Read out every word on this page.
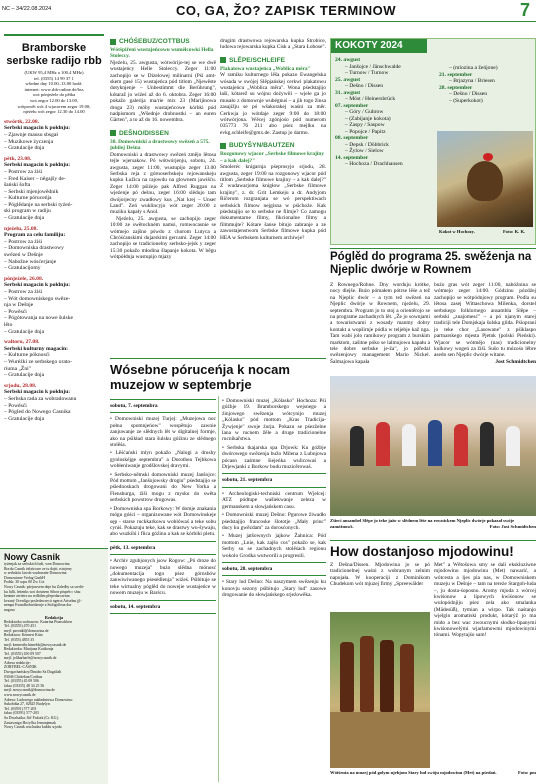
NC – 34/22.08.2024	CO, GA, ŽO? ZAPISK TERMINOW	7
Bramborske
serbske radijo rbb
(UKW 95,4 MHz a 100,4 MHz)
tel. (0355) 14 99 37 1
wšedne dny 10.00–13.00 hodź.
internet: www.rbb-online.de/bss
wot pónjeźele do pětka
wot zegor 12.00 do 13.00,
wótpowět wót 4 wjacorem zegor 19.00;
njeźelu wót zegor 12.30 do 14.00
stwórtk, 22.08.
Serbski magacin k połdnju:
– Zjawnje mausu sbsgał
– Muzikowe życzenja
– Gratulacije dnja
pětk, 23.08.
Serbski magacin k połdnju:
– Postrow za źiśi
– Fred Kaiser – něgajšy de-
šański šofta
– Serbski mjenjowědnik
– Kulturne póruceńja
– Póglědanje na serbski tyźeń-
ski program w radiju
– Gratulacije dnja
njeźelu, 25.08.
Program za celu familiju:
– Postrow za źiśi
– Domowniska drastwowy
swězeń w Dešnje
– Nabožne wósćerjanje
– Gratulacijomy
pónjeźele, 26.08.
Serbski magacin k połdnju:
– Postrow za źiśi
– Wót domowniskego swěze-
nja w Dešnje
– Powěsći
– Pógótowanja na nowe šulske
lěto
– Gratulacije dnja
wałtoru, 27.08.
Serbski kulturny magacin:
– Kulturne póknosći
– Wuréźki ze serbskego orato-
riuma „Žni"
– Gratulacije dnja
srjodu, 28.08.
Serbski magacin k połdnju:
– Serbska rada za wobradowanu
– Powěsći
– Pógled do Nowego Casnika
– Gratulacije dnja
Nowy Casnik
tyźenjak za serbskich ludi, wen Domowinu
Bordu Casnik źelaśrowe ze tu dajń; rsiwjeny
w serbskóu lawoh wudawańe Domowina
Domowinne Verlag GmbH
Podsk: 30 sopu 00 Zw Cot
Nowy Casnik: pśejuwsem dnje hu Zaledby sa sredit-
ku lidli, leitenks wot dostnem Sibon póspeb c sfau
kentnie atvietrs na redltilen přepedarczeran
kvsaný Ocenligo posledzwsecii ngerot Ariselnu jjl-
nempa Ewmdbobwitkenje a Stoligolleaa dor
nugoso
Redakcija
Redaktorka wobrazow: Katarína Piunschken
Tel. (03555) 470 451
mejl: pseonkl@domowina.de
Redaktoru: Kennert Kitta
Tel. (0355) 4855 35
mejl: kennertbr.himelds@nowycasnik.de
Redaktorka: Marijana Kottkonja
Tel. (03555) 450 09 507
mejl: jolikarbarle@nowycasnik.de
Adresa redakcije:
ZORYBEL-CASNIK
Dwogachańskoy/Dmabo Sa Dugaliali
03046 Chóśebuz/Cottbus
Tel. (03355) 45 09 506
fakso (03355) 48 34 25 56
mejl: nowycasnik@domowina.de
www.nowycasnik.de
Adresa: Ludowego nakładnistwa Domowina:
Sukobdúa 27, 02625 Budyšyn
Tel. (03591) 577-203
fakso (03591) 577-203
Sa Dwalsatka: Jitř Fuloxk (Cr. KG),
Zastawniga Hoćyčka Jemanjemak
Nowy Casnik wuchadza kuždu srjodu
CHÓŚEBUZ/COTTBUS
Wótšpiřeni wustajeńcowu wumělcowki Hella Stoleccy.
Njeźelu, 25. awgusta, wótwórijo-tej se we dwě wustajeńcy Helle Stoleccy. Zeger 11:00 zachopijo se w Dizelowej milinarni (Pśi amt-skem gasé 15) wustajeńca pód titlom „Njewěste dotyknjenje – Unbestimmt die Berührung", kótaraž jo wiźeś až do 6. oktobra. Zeger 16:00 pokažo galerija ma/rie mix 23 (Marijinowa droga 23) móby wustajeńcowe kórbki pód nadpismom „Wšednje drobnostki – an euren Gärten", a to až do 16. nowembra.
DEŠNO/DISSEN
30. Domowniski a drastwowy swězeń a 575. jubilej Dešna
Domowniski a drastwowy swězeń změjo lětosa tejle wjersakow. Pó wótwórjenju, sobotu, 24. awgusta, zeger 11:00, wustupijo zeger 13.00 Serbska reja z górnoserbskeju rejowanskeju kupku Łužica na rajowdu na glownem jawišću. Zeger 14:00 pśiźejo pak Alfred Ruggan na wjeźenje pó dešnu, zeger 16:00 slědujo tam dwójorjecny zwadłowy kus „Nat krej – Unser Land". Zeń wuklincyjo wót zeger 20:00 z muziku kapały s Anol.
Njeźelu, 25. awgusta, se zachopijo zeger 10:00 ze swětockném namsi, romwocasnie se wótmejo zajšno pśwdo z chorom Lutyca a Chróśćanskimi dujarskimi gercami. Zeger 14:00 zachopijo se tradicionelny serbsko-jejsk y zeger 15:30 pokažo młodina šlapanje kokota. W běgu wótpółdnja wustupijo mjazy
drugim drastwowa rejowarska kupka Strobice, ludowa rejowarska kupka Cisk a „Stara Łobose".
SLĚPE/SCHLEIFE
Plakatowa wustajeńca „Woblica měra"
W ramiku kulturnego lěša pokazo Ewangelska wósada w swójej Slěpjańskej cerkwi plakatowu wustajeńcu „Woblica měra". Wona pśedstajijo łaší, kótarež su wójnu dożywili – wjele ga jo musało z domownje wubégnuś – a jih togo žinsa zasajižju se pó wšakorakej waśni za měr. Cerkwja jo wótdaje zeger 9:00 do 18:00 wótwórjona. Wěcej zgónjośo pód numerom 035773 76 211 abo pśez mejlku na evkg.schleife@gmx.de. Zastup jo darmo.
BUDYŠYN/BAUTZEN
Rozgonowy wjacor „Serbske filmowe krajiny – a kak dalej?"
Smoleréc knigarnja pśeprosyjo srjodu, 28. awgusta, zeger 19:00 na rozgonowy wjacor pód titlom „Serbske filmowe krajiny – a kak dalej?" Z wudawarjoma knigłow „Serbske filmowe krajiny", z. dr. Grit Lemkeju a dr. Andyjom Ričerom rozgranjata se wó perspektiwach serbskich filmow nejgisna w pśichoźe. Kak pśedstajijo se to serbske ne filmje? Co zamogu dokumentarne filmy, fikcionalne filmy a filmmujte? Kótare šanse bitujo zabranje a ze zawostajenstwom Serbske filmowe kupka pód HEA w Serbskem kulturnem archiwje?
KOKOTY 2024
24. awgust
– Janšojce / Jänschwalde
– Turnow / Turnow
25. awgust
– Dešno / Dissen
31. awgust
– Móst / Heinersbrück
07. september
– Góry / Guhrow
– (Zabijanje kokota)
– Zaspy / Saspow
– Popojce / Papitz
08. september
– Depsk / Döbbrick
– Žylow / Sielow
14. september
– Hochoza / Drachhausen
– (mlozina a žeńjone)
21. september
– Brjazyna / Briesen
28. september
– Dešno / Dissen
– (Superkokot)
Kokot w Hochozy.	Foto: K. K.
Póglěd do programa 25. swěźenja na Njeplic dwórje w Rownem
Z Rownego/Rohne. Dny worduju krótke, nocy dlejše. Bużo pómałem pótrse lěśe a tež na Njeplic dwór – a tym tež swězeń na Njeplic dwórje w Rownem, njeźelu, 29. septembra. Program jo to stoj a orientěrojo se na programe zachadnych lět. „Že jo sownjami a towaristwami z wosady manmy dobry kontakt a wopširnje pódla w teljebje kaž nga. Tam wabi jolo ramikowy program z burskim marktom, zašitne póko se lalmujowu kapału a tele dobre serbske je-ža", jo póředal swězenjowy management Mario Nickel. Šalmajowa kapała
buźo gras wót zeger 11:00, nabóźnina se wótmejo zeger 14:00. Gódzinu pózdźej zachopijo se wótpódnjowy program. Podla su lětosa zasej Wittaschowa Milenka, dorstel serbskego folklornego ansambla Slěpe – serbski „znajomesć" – a pó njanym starej tradiciji tele Domjskaja šulska gilda. Pśiopraní jo teke chor „Lasowane" z pśiklaspo partnarskego mjesta Pjetnk (polski Pieński). Wjacor se wótmějo (nas) tradicionelny kulkowy wogeń za žiši. Sušo tu mózośo lěbre asedo sen Njeplic dwórje witane.
Jost Schmidtchen
Zšieci ansambel Slěpe jo teke jažo w slědnem lěśe na rownickem Njeplic dwórje pokazał swóje zamóžnosći.	Foto: Jost Schmidtchen
Wósebne póruceńja k nocam
muzejow w septembrje
sobotu, 7. septembra
• Domowniski muzej Turjej: „Muzejowa noc połna spomnjeńow" wospětujo zawnie zanjuwanje ze slědnych lět w digitalnej formje, ako na pśikład stara šulsku góźinu ze slědnego stolěśa.
• Lěśćański mlyn pokažo „Nalogi a drushy gynloskéjge septembra" a Dorothea Tejbkowa wobłeniwanje grodšlovskej dravymi.
• Serbsko-němski domowniski muzej Janšojce: Pód mottom „Janšojowsky drogiu" pśedstajijo se pśiednoskach drogowani do New Yorka a Flensburga, źiši mogu z mysku do swěta serbskich powstrow drogowas.
• Domowniska spa Borkowy: W domje znakania mógu góści – organizowane wót Domowinskeje sęp - starse ruckkarkowu woblówaś a teke sobu cyniś. Pokazuju teke, kak se drastwy wu-šywaju, abo wuzkilú i flica góźinu a kak se kórbiki pletu.
pětk, 13. septembra
• Archiv zgubjonych jsow Rogow: „Pó droze do nowego muzeja" bużo slědna mónosć „dokumentacija togo pśez górnsbów zanwiwiwanego pśesèdlenja" wiźeś. Pśibituje se teke wirtualny póglěd do nowejie wustajeńce w nowem muzeju w Barścu.
sobotu, 14. septembra
• Domowniski muzej „Kólasko" Hochoza: Pśi góźbje 19. Bramborskego wejsnego a źinjowego swězenja wótcynijo muzej „Kólasko" pód mottom „Kras Tradicija-Žywjenje" swoje źurja. Pokazu se pśezželne lana w rucnem žěle a druge tradicionelne rucnikařstwa.
• Serbska tkajarska spa Drjowk: Ku góźbje dwórowego swězenja bužo Milena z Lubnjowa pócasn zaśmne šiejeńka wulicowaś a Drjewjanki z Borkow budu muzicěrowaś.
sobotu, 21. septembra
• Archeologiski-techniski centrum Wjelcej: ATZ pódtupe wašiekwanje zeleza w germanskem a slowjańskem casu.
• Domowniski muzej Dešno: Pgurowe žiwadło pśedstajijo francoske šlototje „Mały princ" ducy ku gwězdam" za dorosćonych.
• Muzej jatšownych jajkow Žahnica: Pód mottom „Lnie, kak zajšo cos" pokažo se, kak Serby su se zachadnych stolěśach regionu wokolo Grodka wutworili a progresili.
sobotu, 28. septembra
• Stary lud Dešno: Na naszymem swězenju ku konovju sezony pśibitujo „Stary lud" zasowe drogowanie do słowjańskego srjeźowěka.
How dostanjoso mjodowinu!
Z Dešna/Dissen. Mjodowina jo se pó tradicionelnej waśni z wobranym zelnim napojała. W kooperaciji z Dominikom Chudekom wót mjuzej firmy „Spreewälder
Met" a Wětošowa smy se dali ekskluziwne mjodowinu mjodowinu (Met) nawarić, a wótcesta a ljes pla nas, w Domowniskem muzeju w Dešnje – tam na tereże Stargoh-luda –, ju dosta-śoposno. Aromy mjoda z wórcej kwiśonow a lipowych kwiśonow se wulopódnjiju pśez zela ako smalanka (Mädesüß), tymian a wirpo. Tak naśtanjo wjelgin aromatiski produkt, kótarýž jo ma mido a bez wac zwoucnymi słodko-lipanymi kwiśonowelými wjarlamowmi mjodowinymi tónami. Wopytajśo sam!
Wótšenta na muzej pód golym njebjom Stary lud swóju mjodowinu (Met) na pśedań.	Foto: pm
